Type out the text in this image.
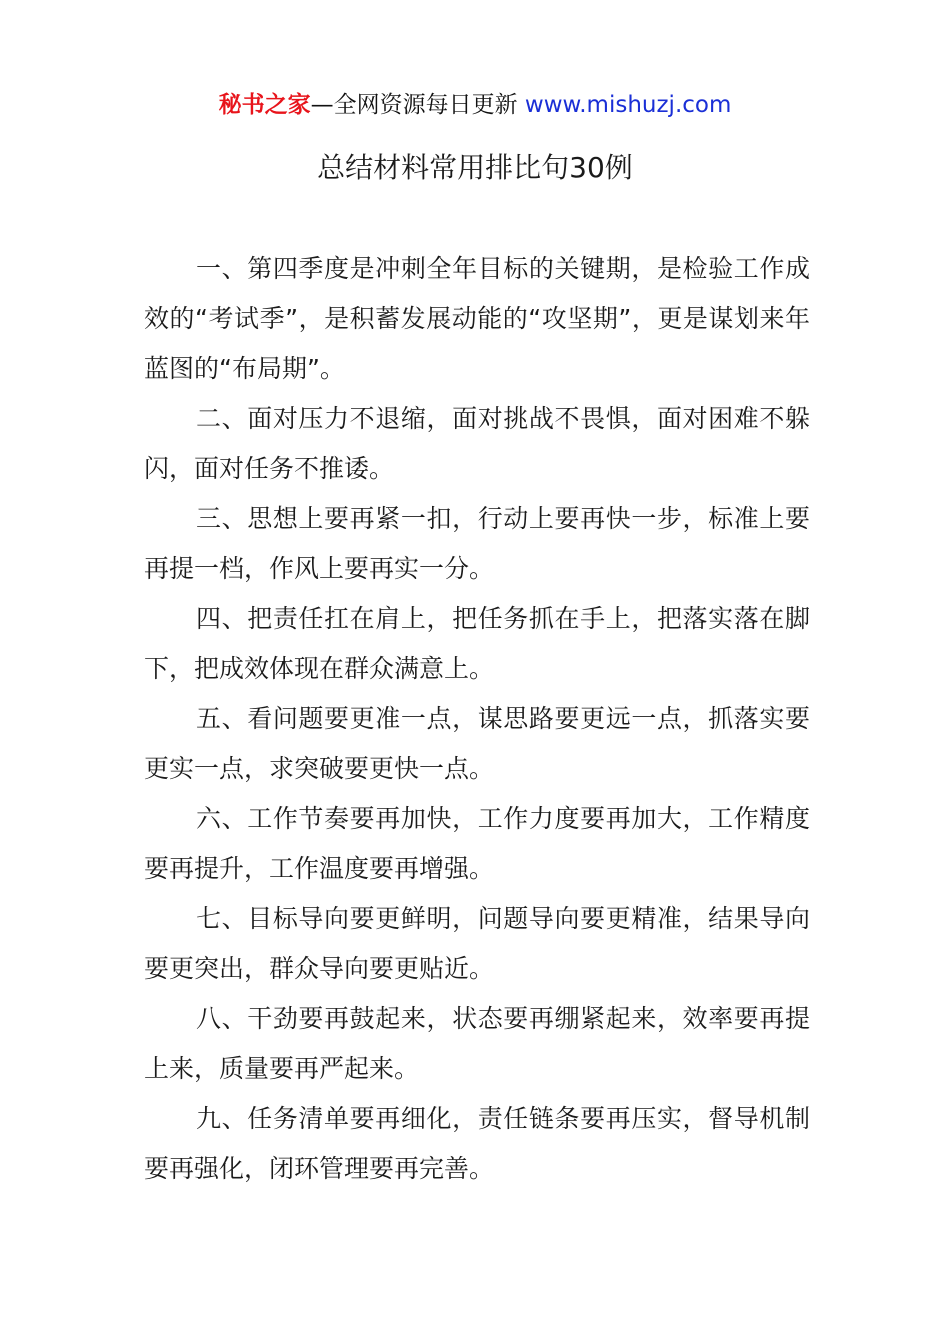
秘书之家—全网资源每日更新 www.mishuzj.com
总结材料常用排比句30例

一、第四季度是冲刺全年目标的关键期，是检验工作成效的“考试季”，是积蓄发展动能的“攻坚期”，更是谋划来年蓝图的“布局期”。

二、面对压力不退缩，面对挑战不畏惧，面对困难不躲闪，面对任务不推诿。

三、思想上要再紧一扣，行动上要再快一步，标准上要再提一档，作风上要再实一分。

四、把责任扛在肩上，把任务抓在手上，把落实落在脚下，把成效体现在群众满意上。

五、看问题要更准一点，谋思路要更远一点，抓落实要更实一点，求突破要更快一点。

六、工作节奏要再加快，工作力度要再加大，工作精度要再提升，工作温度要再增强。

七、目标导向要更鲜明，问题导向要更精准，结果导向要更突出，群众导向要更贴近。

八、干劲要再鼓起来，状态要再绷紧起来，效率要再提上来，质量要再严起来。

九、任务清单要再细化，责任链条要再压实，督导机制要再强化，闭环管理要再完善。
